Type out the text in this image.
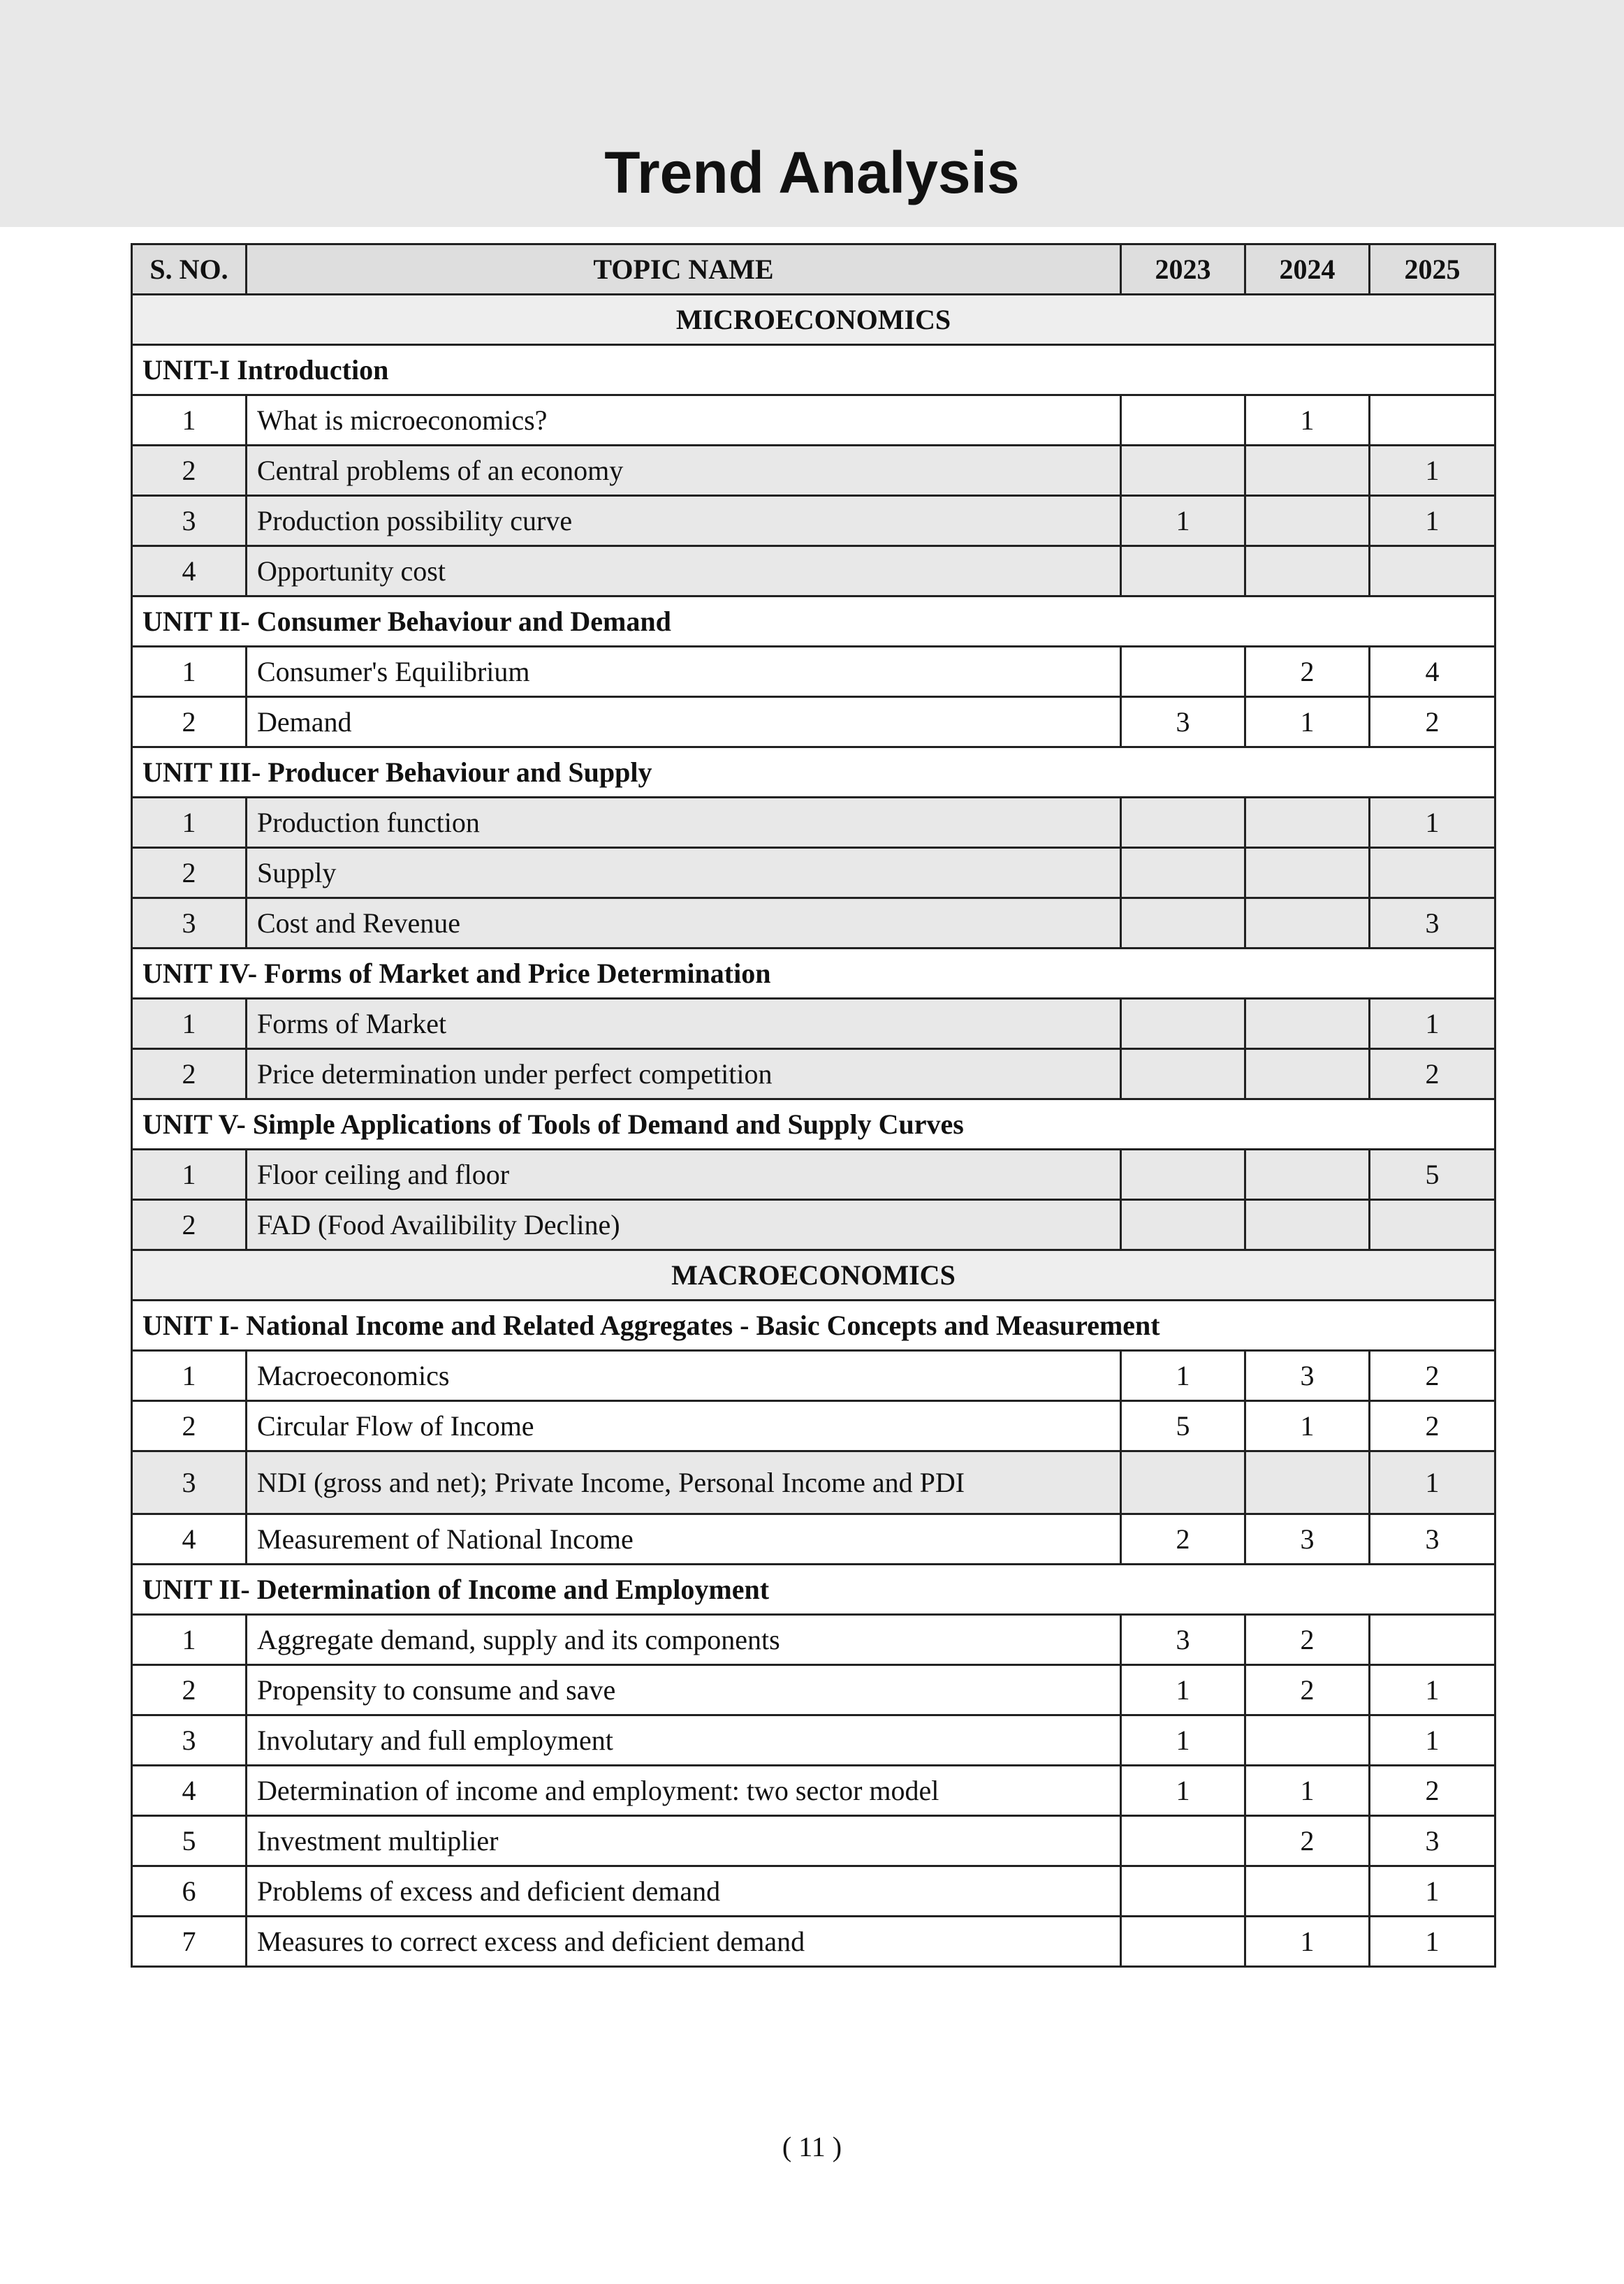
Trend Analysis
S. NO.	TOPIC NAME	2023	2024	2025
MICROECONOMICS				
UNIT-I Introduction				
1	What is microeconomics?		1	
2	Central problems of an economy			1
3	Production possibility curve	1		1
4	Opportunity cost			
UNIT II- Consumer Behaviour and Demand				
1	Consumer's Equilibrium		2	4
2	Demand	3	1	2
UNIT III- Producer Behaviour and Supply				
1	Production function			1
2	Supply			
3	Cost and Revenue			3
UNIT IV- Forms of Market and Price Determination				
1	Forms of Market			1
2	Price determination under perfect competition			2
UNIT V- Simple Applications of Tools of Demand and Supply Curves				
1	Floor ceiling and floor			5
2	FAD (Food Availibility Decline)			
MACROECONOMICS				
UNIT I- National Income and Related Aggregates - Basic Concepts and Measurement				
1	Macroeconomics	1	3	2
2	Circular Flow of Income	5	1	2
3	NDI (gross and net); Private Income, Personal Income and PDI			1
4	Measurement of National Income	2	3	3
UNIT II- Determination of Income and Employment				
1	Aggregate demand, supply and its components	3	2	
2	Propensity to consume and save	1	2	1
3	Involutary and full employment	1		1
4	Determination of income and employment: two sector model	1	1	2
5	Investment multiplier		2	3
6	Problems of excess and deficient demand			1
7	Measures to correct excess and deficient demand		1	1
( 11 )
